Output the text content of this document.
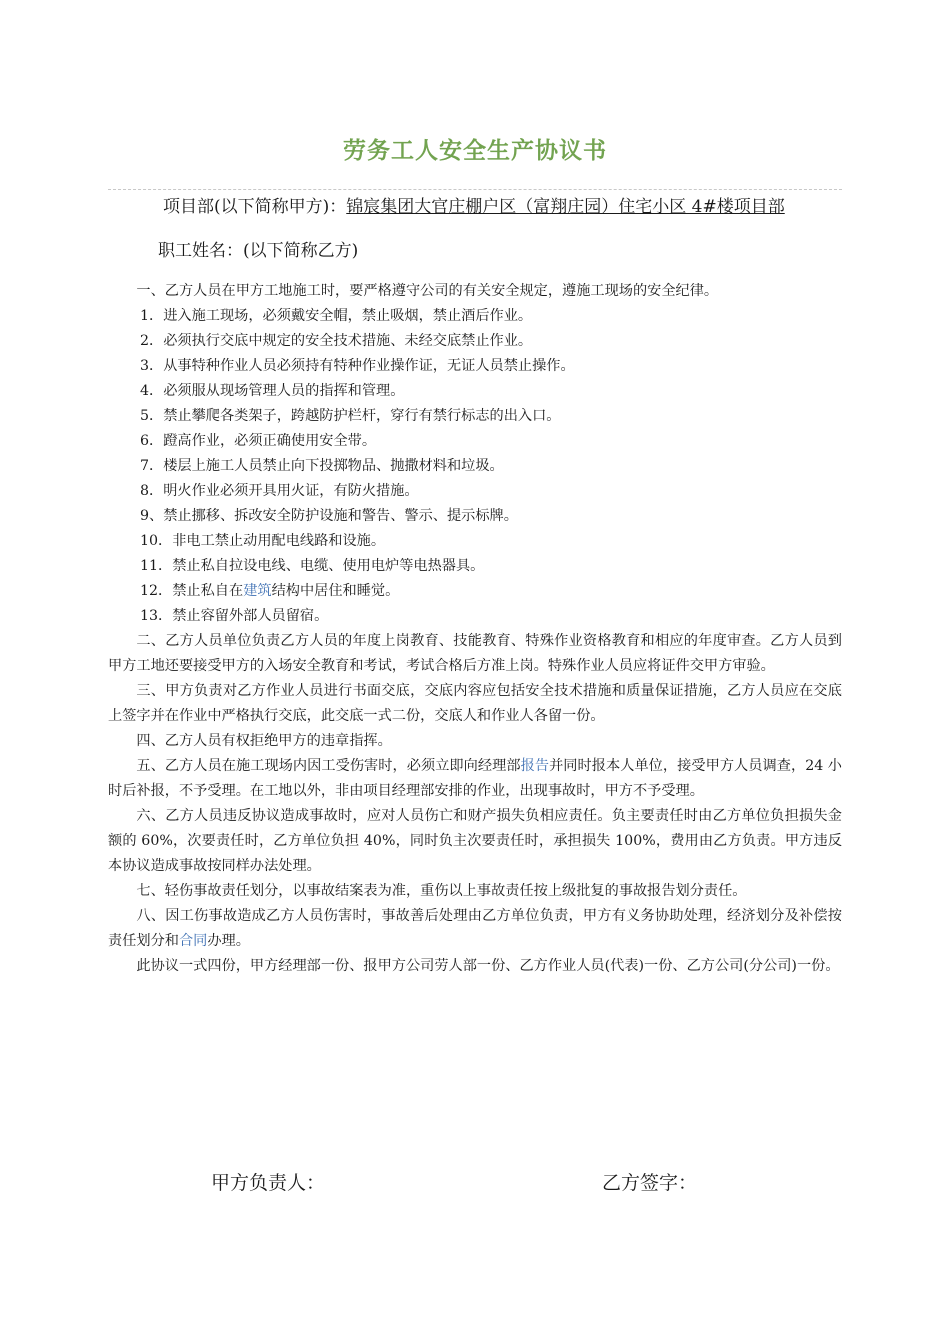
劳务工人安全生产协议书
项目部(以下简称甲方)：锦宸集团大官庄棚户区（富翔庄园）住宅小区 4#楼项目部
职工姓名：(以下简称乙方)

一、乙方人员在甲方工地施工时，要严格遵守公司的有关安全规定，遵施工现场的安全纪律。

1．进入施工现场，必须戴安全帽，禁止吸烟，禁止酒后作业。

2．必须执行交底中规定的安全技术措施、未经交底禁止作业。

3．从事特种作业人员必须持有特种作业操作证，无证人员禁止操作。

4．必须服从现场管理人员的指挥和管理。

5．禁止攀爬各类架子，跨越防护栏杆，穿行有禁行标志的出入口。

6．蹬高作业，必须正确使用安全带。

7．楼层上施工人员禁止向下投掷物品、抛撒材料和垃圾。

8．明火作业必须开具用火证，有防火措施。

9、禁止挪移、拆改安全防护设施和警告、警示、提示标牌。

10．非电工禁止动用配电线路和设施。

11．禁止私自拉设电线、电缆、使用电炉等电热器具。

12．禁止私自在建筑结构中居住和睡觉。

13．禁止容留外部人员留宿。

二、乙方人员单位负责乙方人员的年度上岗教育、技能教育、特殊作业资格教育和相应的年度审查。乙方人员到甲方工地还要接受甲方的入场安全教育和考试，考试合格后方准上岗。特殊作业人员应将证件交甲方审验。

三、甲方负责对乙方作业人员进行书面交底，交底内容应包括安全技术措施和质量保证措施，乙方人员应在交底上签字并在作业中严格执行交底，此交底一式二份，交底人和作业人各留一份。

四、乙方人员有权拒绝甲方的违章指挥。

五、乙方人员在施工现场内因工受伤害时，必须立即向经理部报告并同时报本人单位，接受甲方人员调查，24 小时后补报，不予受理。在工地以外，非由项目经理部安排的作业，出现事故时，甲方不予受理。

六、乙方人员违反协议造成事故时，应对人员伤亡和财产损失负相应责任。负主要责任时由乙方单位负担损失金额的 60%，次要责任时，乙方单位负担 40%，同时负主次要责任时，承担损失 100%，费用由乙方负责。甲方违反本协议造成事故按同样办法处理。

七、轻伤事故责任划分，以事故结案表为准，重伤以上事故责任按上级批复的事故报告划分责任。

八、因工伤事故造成乙方人员伤害时，事故善后处理由乙方单位负责，甲方有义务协助处理，经济划分及补偿按责任划分和合同办理。

此协议一式四份，甲方经理部一份、报甲方公司劳人部一份、乙方作业人员(代表)一份、乙方公司(分公司)一份。

甲方负责人：	乙方签字：
